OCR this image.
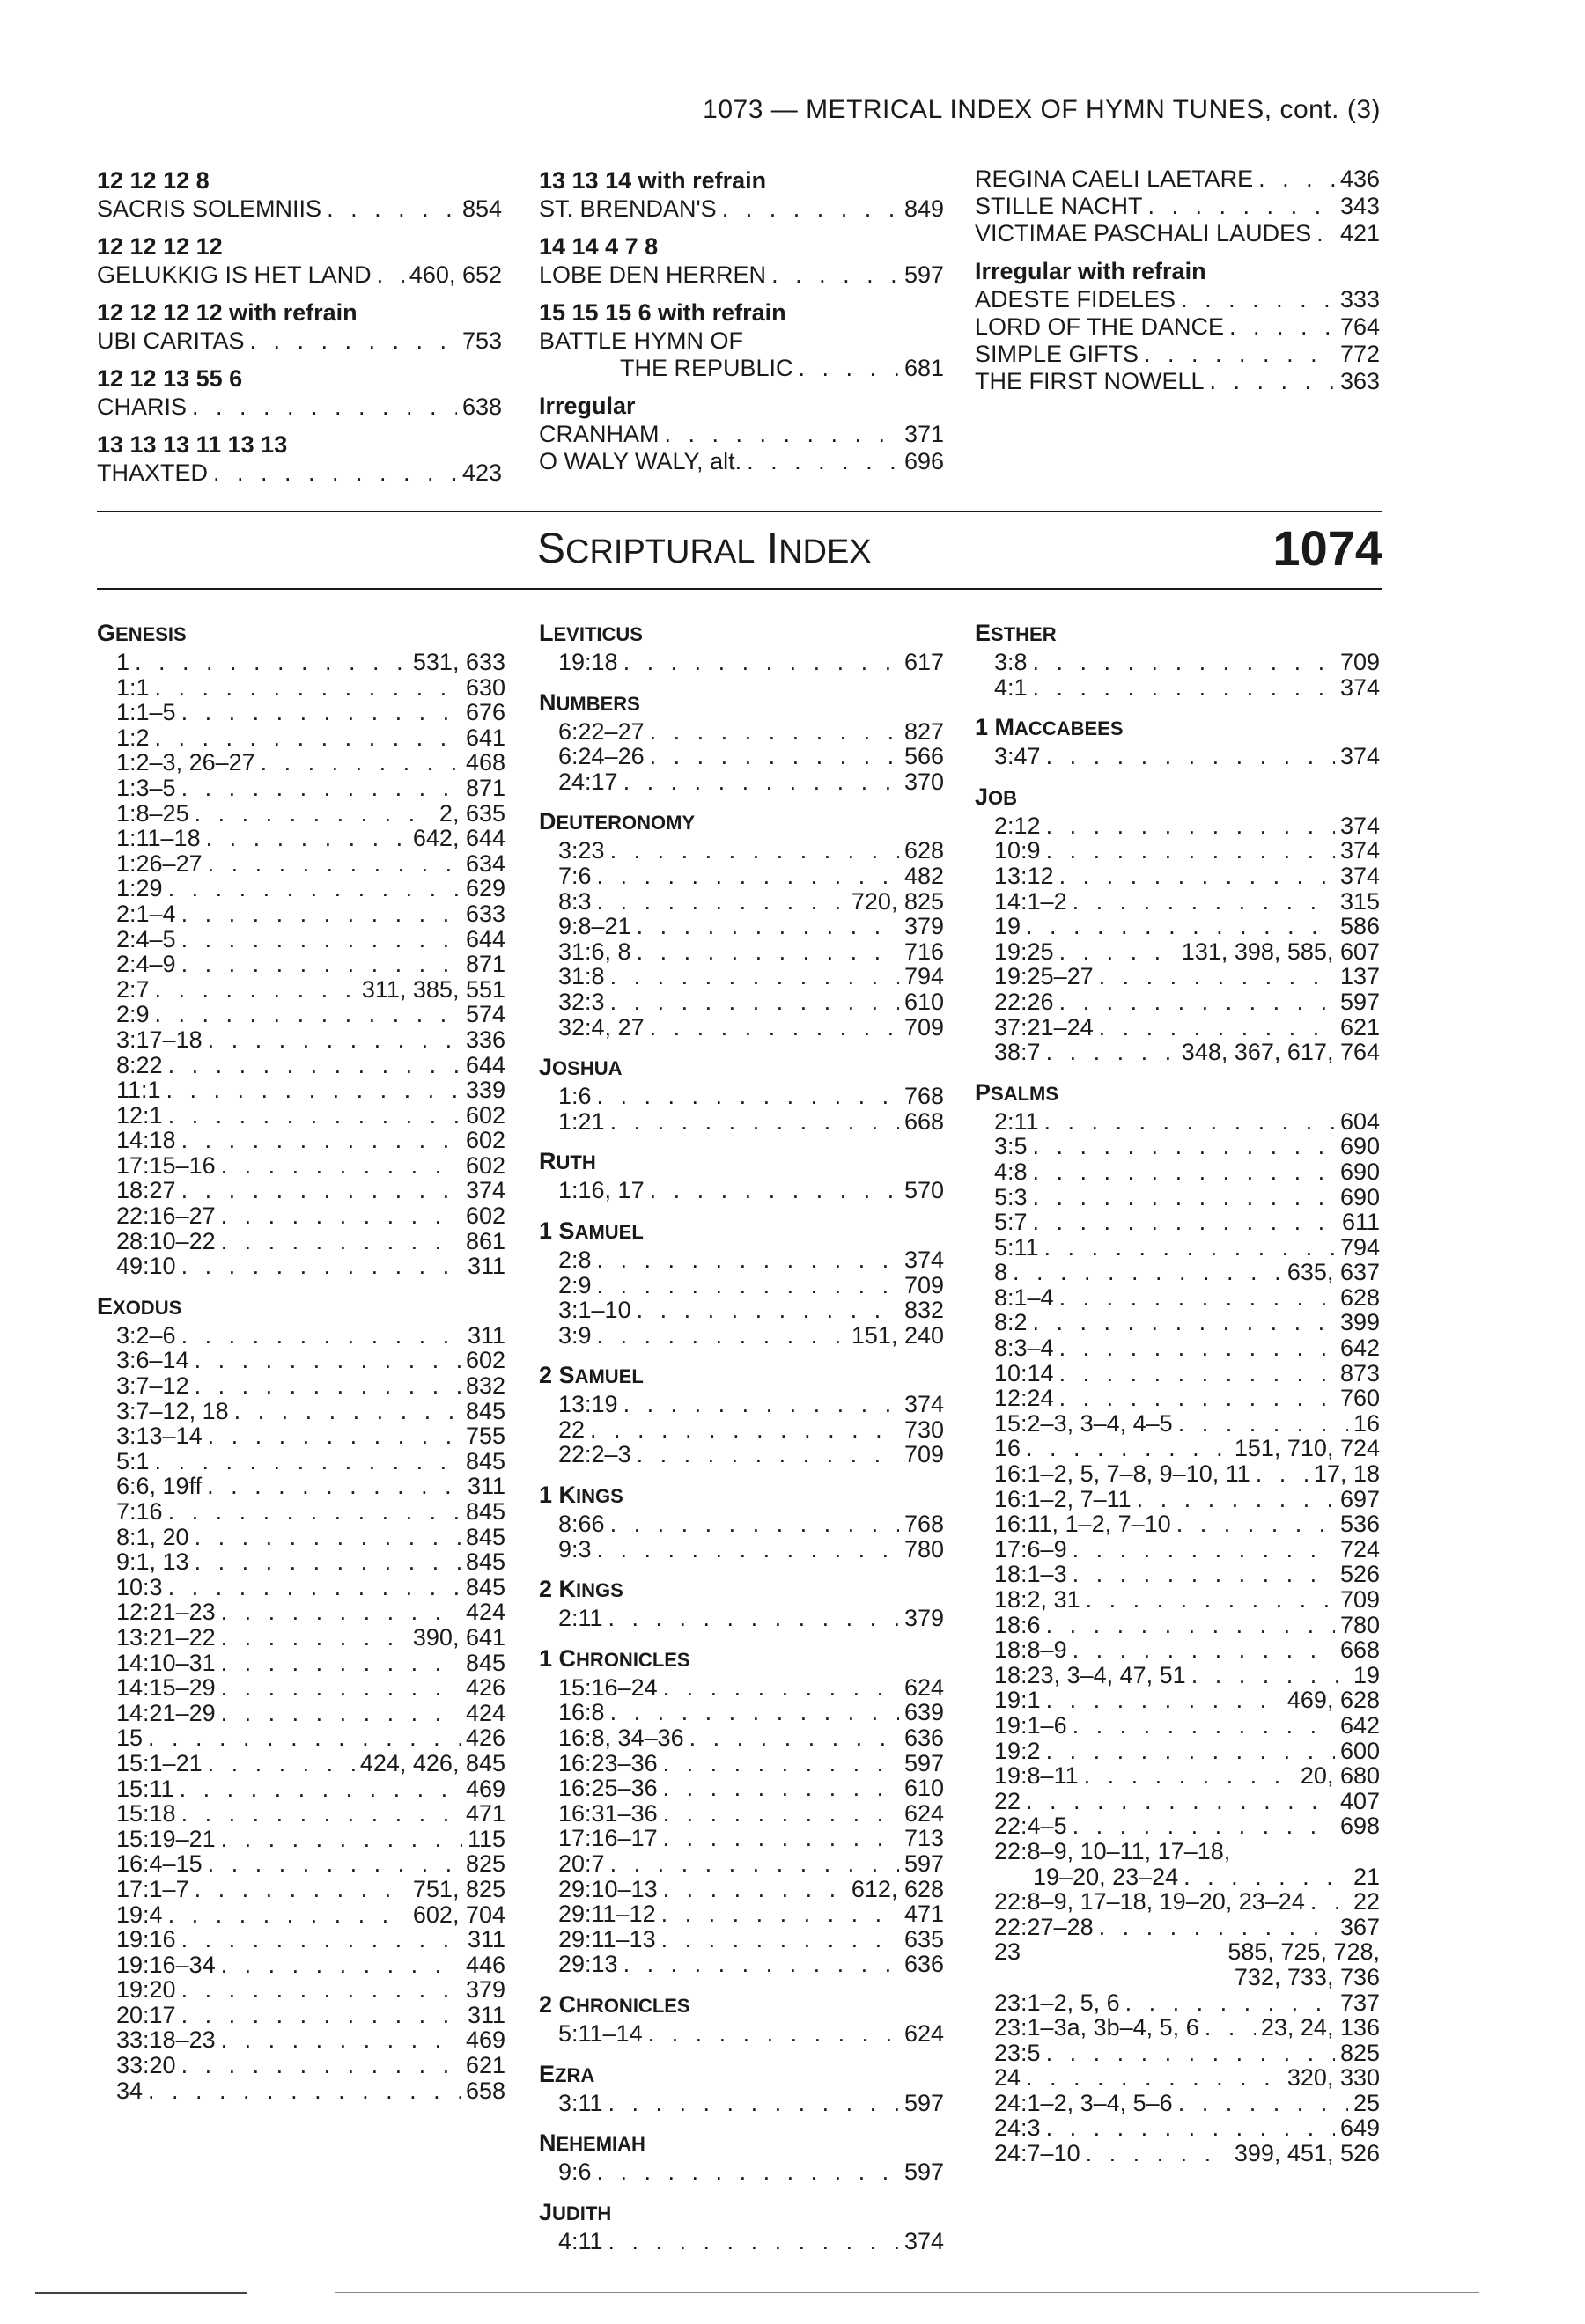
1073 — METRICAL INDEX OF HYMN TUNES, cont. (3)
12 12 12 8
SACRIS SOLEMNIIS . . .	854
12 12 12 12
GELUKKIG IS HET LAND . . . 460, 652
12 12 12 12 with refrain
UBI CARITAS . . .	753
12 12 13 55 6
CHARIS . . .	638
13 13 13 11 13 13
THAXTED . . .	423
13 13 14 with refrain
ST. BRENDAN'S . . .	849
14 14 4 7 8
LOBE DEN HERREN . . .	597
15 15 15 6 with refrain
BATTLE HYMN OF
THE REPUBLIC . . .	681
Irregular
CRANHAM . . .	371
O WALY WALY, alt. . . .	696
REGINA CAELI LAETARE . . .	436
STILLE NACHT . . .	343
VICTIMAE PASCHALI LAUDES . . . 421
Irregular with refrain
ADESTE FIDELES . . .	333
LORD OF THE DANCE . . .	764
SIMPLE GIFTS . . .	772
THE FIRST NOWELL . . .	363
SCRIPTURAL INDEX	1074
GENESIS
1 . . .	531, 633
1:1 . . .	630
1:1–5 . . .	676
1:2 . . .	641
1:2–3, 26–27 . . .	468
1:3–5 . . .	871
1:8–25 . . .	2, 635
1:11–18 . . .	642, 644
1:26–27 . . .	634
1:29 . . .	629
2:1–4 . . .	633
2:4–5 . . .	644
2:4–9 . . .	871
2:7 . . .	311, 385, 551
2:9 . . .	574
3:17–18 . . .	336
8:22 . . .	644
11:1 . . .	339
12:1 . . .	602
14:18 . . .	602
17:15–16 . . .	602
18:27 . . .	374
22:16–27 . . .	602
28:10–22 . . .	861
49:10 . . .	311
EXODUS
3:2–6 . . .	311
3:6–14 . . .	602
3:7–12 . . .	832
3:7–12, 18 . . .	845
3:13–14 . . .	755
5:1 . . .	845
6:6, 19ff . . .	311
7:16 . . .	845
8:1, 20 . . .	845
9:1, 13 . . .	845
10:3 . . .	845
12:21–23 . . .	424
13:21–22 . . .	390, 641
14:10–31 . . .	845
14:15–29 . . .	426
14:21–29 . . .	424
15 . . .	426
15:1–21 . . .	424, 426, 845
15:11 . . .	469
15:18 . . .	471
15:19–21 . . .	115
16:4–15 . . .	825
17:1–7 . . .	751, 825
19:4 . . .	602, 704
19:16 . . .	311
19:16–34 . . .	446
19:20 . . .	379
20:17 . . .	311
33:18–23 . . .	469
33:20 . . .	621
34 . . .	658
LEVITICUS
19:18 . . .	617
NUMBERS
6:22–27 . . .	827
6:24–26 . . .	566
24:17 . . .	370
DEUTERONOMY
3:23 . . .	628
7:6 . . .	482
8:3 . . .	720, 825
9:8–21 . . .	379
31:6, 8 . . .	716
31:8 . . .	794
32:3 . . .	610
32:4, 27 . . .	709
JOSHUA
1:6 . . .	768
1:21 . . .	668
RUTH
1:16, 17 . . .	570
1 SAMUEL
2:8 . . .	374
2:9 . . .	709
3:1–10 . . .	832
3:9 . . .	151, 240
2 SAMUEL
13:19 . . .	374
22 . . .	730
22:2–3 . . .	709
1 KINGS
8:66 . . .	768
9:3 . . .	780
2 KINGS
2:11 . . .	379
1 CHRONICLES
15:16–24 . . .	624
16:8 . . .	639
16:8, 34–36 . . .	636
16:23–36 . . .	597
16:25–36 . . .	610
16:31–36 . . .	624
17:16–17 . . .	713
20:7 . . .	597
29:10–13 . . .	612, 628
29:11–12 . . .	471
29:11–13 . . .	635
29:13 . . .	636
2 CHRONICLES
5:11–14 . . .	624
EZRA
3:11 . . .	597
NEHEMIAH
9:6 . . .	597
JUDITH
4:11 . . .	374
ESTHER
3:8 . . .	709
4:1 . . .	374
1 MACCABEES
3:47 . . .	374
JOB
2:12 . . .	374
10:9 . . .	374
13:12 . . .	374
14:1–2 . . .	315
19 . . .	586
19:25 . . .	131, 398, 585, 607
19:25–27 . . .	137
22:26 . . .	597
37:21–24 . . .	621
38:7 . . .	348, 367, 617, 764
PSALMS
2:11 . . .	604
3:5 . . .	690
4:8 . . .	690
5:3 . . .	690
5:7 . . .	611
5:11 . . .	794
8 . . .	635, 637
8:1–4 . . .	628
8:2 . . .	399
8:3–4 . . .	642
10:14 . . .	873
12:24 . . .	760
15:2–3, 3–4, 4–5 . . .	16
16 . . .	151, 710, 724
16:1–2, 5, 7–8, 9–10, 11 . . .	17, 18
16:1–2, 7–11 . . .	697
16:11, 1–2, 7–10 . . .	536
17:6–9 . . .	724
18:1–3 . . .	526
18:2, 31 . . .	709
18:6 . . .	780
18:8–9 . . .	668
18:23, 3–4, 47, 51 . . .	19
19:1 . . .	469, 628
19:1–6 . . .	642
19:2 . . .	600
19:8–11 . . .	20, 680
22 . . .	407
22:4–5 . . .	698
22:8–9, 10–11, 17–18,
19–20, 23–24 . . .	21
22:8–9, 17–18, 19–20, 23–24 . . . 22
22:27–28 . . .	367
23	585, 725, 728,
732, 733, 736
23:1–2, 5, 6 . . .	737
23:1–3a, 3b–4, 5, 6 . . .	23, 24, 136
23:5 . . .	825
24 . . .	320, 330
24:1–2, 3–4, 5–6 . . .	25
24:3 . . .	649
24:7–10 . . .	399, 451, 526
